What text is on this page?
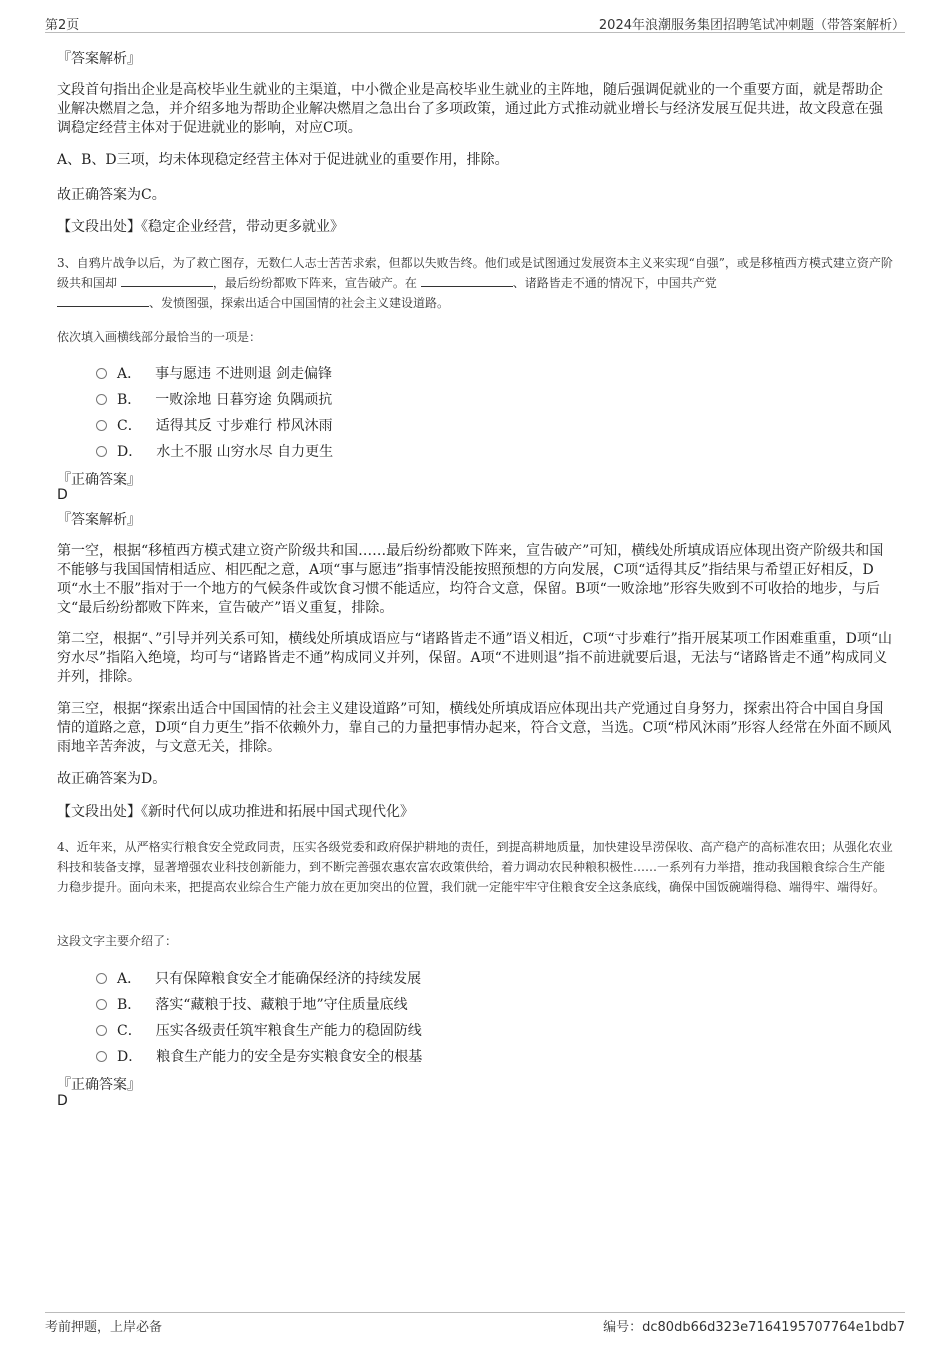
第2页	2024年浪潮服务集团招聘笔试冲刺题（带答案解析）
『答案解析』
文段首句指出企业是高校毕业生就业的主渠道，中小微企业是高校毕业生就业的主阵地，随后强调促就业的一个重要方面，就是帮助企业解决燃眉之急，并介绍多地为帮助企业解决燃眉之急出台了多项政策，通过此方式推动就业增长与经济发展互促共进，故文段意在强调稳定经营主体对于促进就业的影响，对应C项。
A、B、D三项，均未体现稳定经营主体对于促进就业的重要作用，排除。
故正确答案为C。
【文段出处】《稳定企业经营，带动更多就业》
3、自鸦片战争以后，为了救亡图存，无数仁人志士苦苦求索，但都以失败告终。他们或是试图通过发展资本主义来实现“自强”，或是移植西方模式建立资产阶级共和国却	，最后纷纷都败下阵来，宣告破产。在	、诸路皆走不通的情况下，中国共产党
、发愤图强，探索出适合中国国情的社会主义建设道路。
依次填入画横线部分最恰当的一项是：
A． 事与愿违 不进则退 剑走偏锋
B． 一败涂地 日暮穷途 负隅顽抗
C． 适得其反 寸步难行 栉风沐雨
D． 水土不服 山穷水尽 自力更生
『正确答案』
D
『答案解析』
第一空，根据“移植西方模式建立资产阶级共和国……最后纷纷都败下阵来，宣告破产”可知，横线处所填成语应体现出资产阶级共和国不能够与我国国情相适应、相匹配之意，A项“事与愿违”指事情没能按照预想的方向发展，C项“适得其反”指结果与希望正好相反，D项“水土不服”指对于一个地方的气候条件或饮食习惯不能适应，均符合文意，保留。B项“一败涂地”形容失败到不可收拾的地步，与后文“最后纷纷都败下阵来，宣告破产”语义重复，排除。
第二空，根据“、”引导并列关系可知，横线处所填成语应与“诸路皆走不通”语义相近，C项“寸步难行”指开展某项工作困难重重，D项“山穷水尽”指陷入绝境，均可与“诸路皆走不通”构成同义并列，保留。A项“不进则退”指不前进就要后退，无法与“诸路皆走不通”构成同义并列，排除。
第三空，根据“探索出适合中国国情的社会主义建设道路”可知，横线处所填成语应体现出共产党通过自身努力，探索出符合中国自身国情的道路之意，D项“自力更生”指不依赖外力，靠自己的力量把事情办起来，符合文意，当选。C项“栉风沐雨”形容人经常在外面不顾风雨地辛苦奔波，与文意无关，排除。
故正确答案为D。
【文段出处】《新时代何以成功推进和拓展中国式现代化》
4、近年来，从严格实行粮食安全党政同责，压实各级党委和政府保护耕地的责任，到提高耕地质量，加快建设旱涝保收、高产稳产的高标准农田；从强化农业科技和装备支撑，显著增强农业科技创新能力，到不断完善强农惠农富农政策供给，着力调动农民种粮积极性……一系列有力举措，推动我国粮食综合生产能力稳步提升。面向未来，把提高农业综合生产能力放在更加突出的位置，我们就一定能牢牢守住粮食安全这条底线，确保中国饭碗端得稳、端得牢、端得好。
这段文字主要介绍了：
A． 只有保障粮食安全才能确保经济的持续发展
B． 落实“藏粮于技、藏粮于地”守住质量底线
C． 压实各级责任筑牢粮食生产能力的稳固防线
D． 粮食生产能力的安全是夯实粮食安全的根基
『正确答案』
D
考前押题，上岸必备	编号：dc80db66d323e7164195707764e1bdb7
